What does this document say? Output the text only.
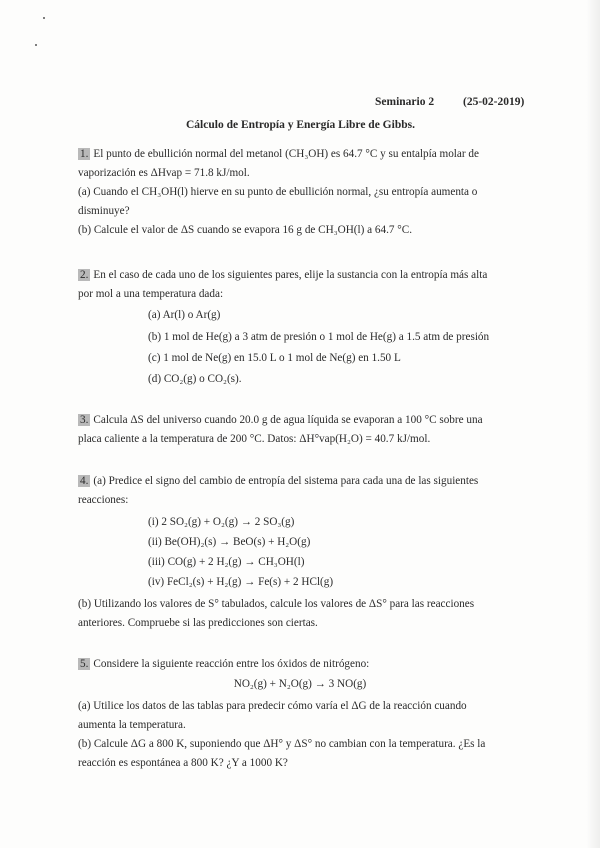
Seminario 2	(25-02-2019)
Cálculo de Entropía y Energía Libre de Gibbs.

1. El punto de ebullición normal del metanol (CH₃OH) es 64.7 °C y su entalpía molar de

vaporización es ΔHvap = 71.8 kJ/mol.

(a) Cuando el CH₃OH(l) hierve en su punto de ebullición normal, ¿su entropía aumenta o

disminuye?

(b) Calcule el valor de ΔS cuando se evapora 16 g de CH₃OH(l) a 64.7 °C.

2. En el caso de cada uno de los siguientes pares, elije la sustancia con la entropía más alta

por mol a una temperatura dada:

(a) Ar(l) o Ar(g)
(b) 1 mol de He(g) a 3 atm de presión o 1 mol de He(g) a 1.5 atm de presión
(c) 1 mol de Ne(g) en 15.0 L o 1 mol de Ne(g) en 1.50 L
(d) CO₂(g) o CO₂(s).

3. Calcula ΔS del universo cuando 20.0 g de agua líquida se evaporan a 100 °C sobre una

placa caliente a la temperatura de 200 °C. Datos: ΔH°vap(H₂O) = 40.7 kJ/mol.

4. (a) Predice el signo del cambio de entropía del sistema para cada una de las siguientes

reacciones:

(i) 2 SO₂(g) + O₂(g) → 2 SO₃(g)
(ii) Be(OH)₂(s) → BeO(s) + H₂O(g)
(iii) CO(g) + 2 H₂(g) → CH₃OH(l)
(iv) FeCl₂(s) + H₂(g) → Fe(s) + 2 HCl(g)

(b) Utilizando los valores de S° tabulados, calcule los valores de ΔS° para las reacciones

anteriores. Compruebe si las predicciones son ciertas.

5. Considere la siguiente reacción entre los óxidos de nitrógeno:

NO₂(g) + N₂O(g) → 3 NO(g)

(a) Utilice los datos de las tablas para predecir cómo varía el ΔG de la reacción cuando

aumenta la temperatura.

(b) Calcule ΔG a 800 K, suponiendo que ΔH° y ΔS° no cambian con la temperatura. ¿Es la

reacción es espontánea a 800 K? ¿Y a 1000 K?
